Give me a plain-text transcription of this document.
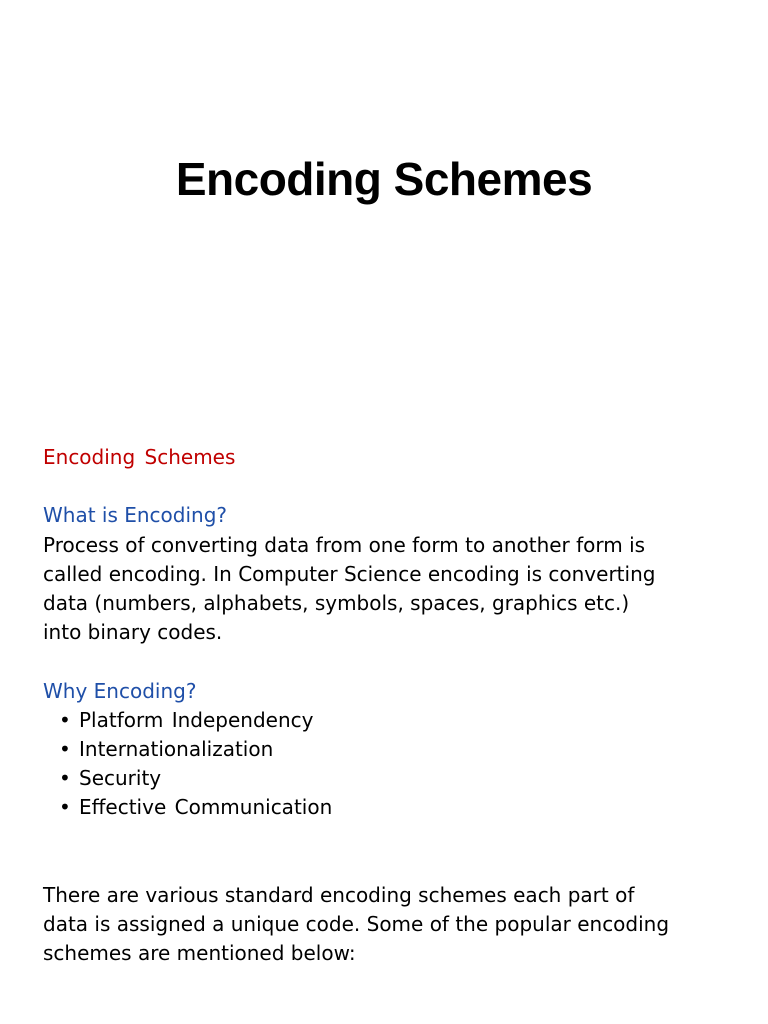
Encoding Schemes

Encoding Schemes

What is Encoding?

Process of converting data from one form to another form is
called encoding. In Computer Science encoding is converting
data (numbers, alphabets, symbols, spaces, graphics etc.)
into binary codes.

Why Encoding?

• Platform Independency
• Internationalization
• Security
• Effective Communication
There are various standard encoding schemes each part of
data is assigned a unique code. Some of the popular encoding
schemes are mentioned below:
